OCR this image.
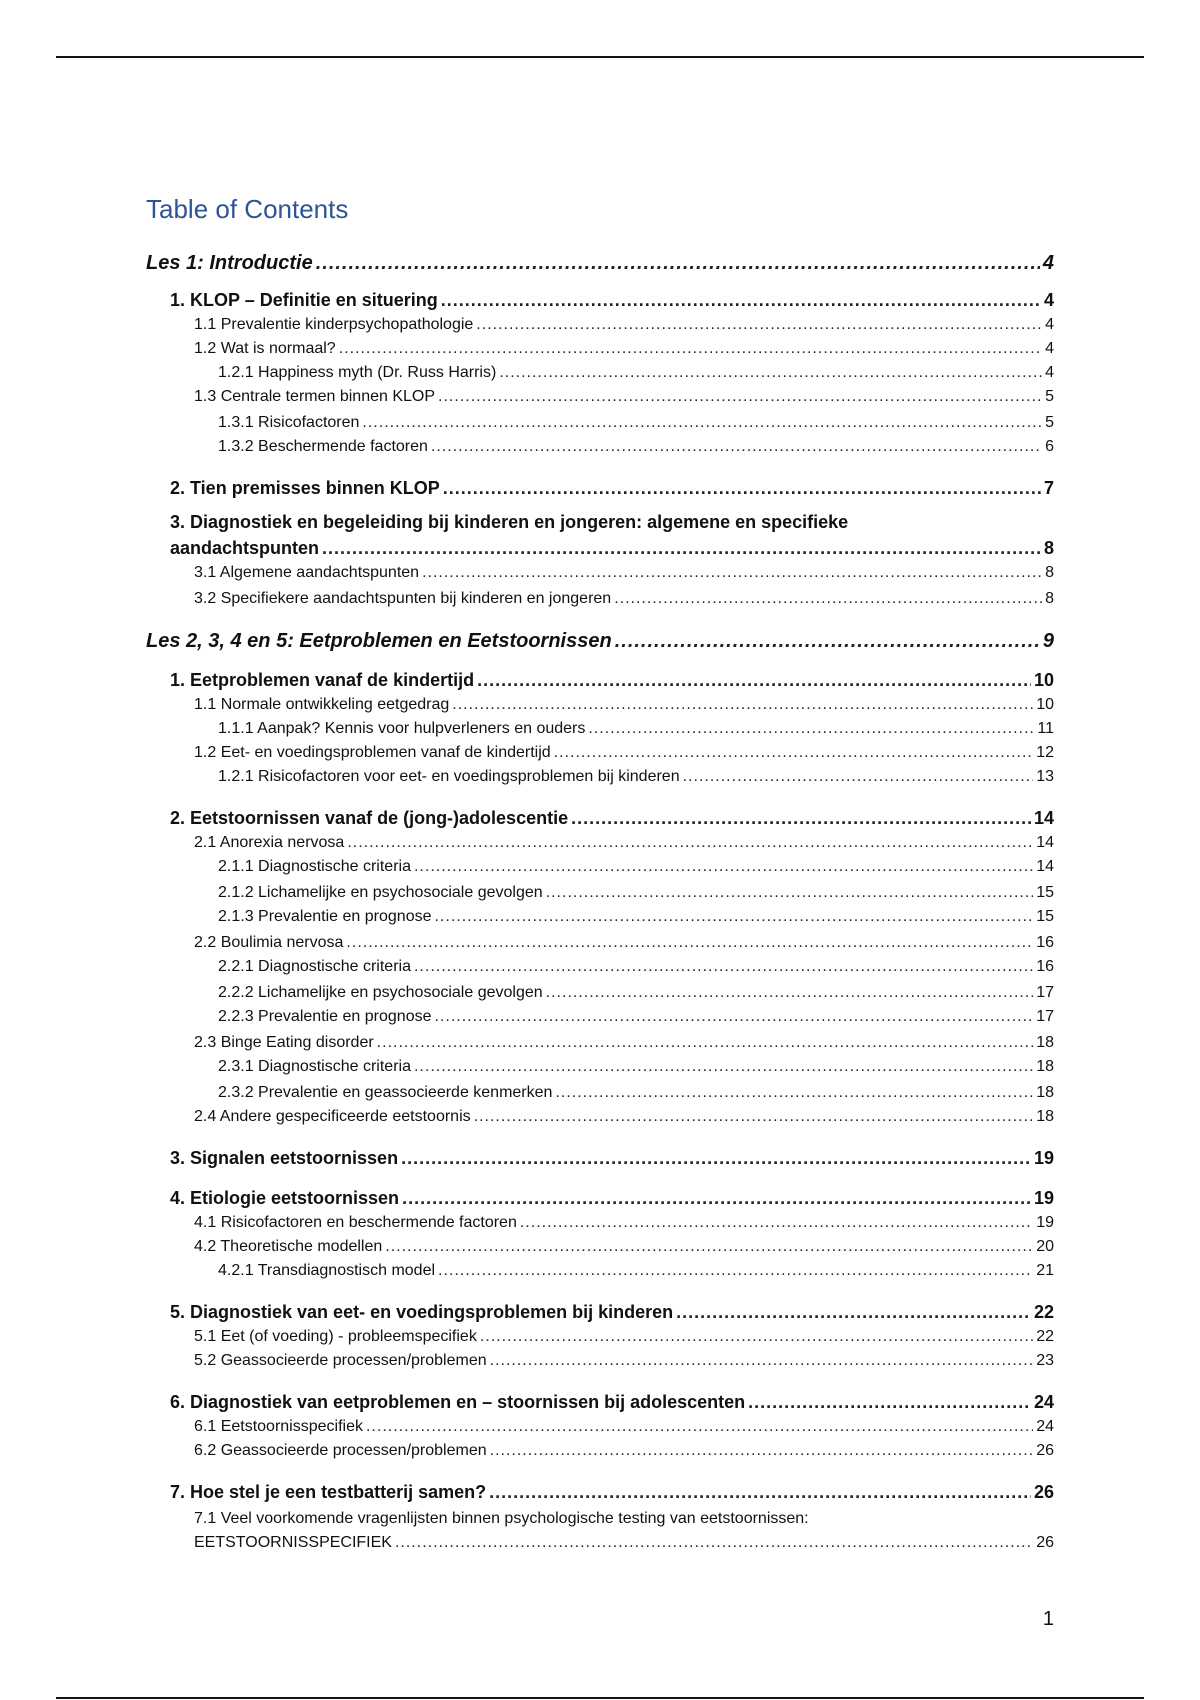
Table of Contents
Les 1: Introductie .....	4
1. KLOP – Definitie en situering .....	4
1.1 Prevalentie kinderpsychopathologie .....	4
1.2 Wat is normaal? .....	4
1.2.1 Happiness myth (Dr. Russ Harris) .....	4
1.3 Centrale termen binnen KLOP .....	5
1.3.1 Risicofactoren .....	5
1.3.2 Beschermende factoren .....	6
2. Tien premisses binnen KLOP .....	7
3. Diagnostiek en begeleiding bij kinderen en jongeren: algemene en specifieke
aandachtspunten .....	8
3.1 Algemene aandachtspunten .....	8
3.2 Specifiekere aandachtspunten bij kinderen en jongeren .....	8
Les 2, 3, 4 en 5: Eetproblemen en Eetstoornissen .....	9
1. Eetproblemen vanaf de kindertijd .....	10
1.1 Normale ontwikkeling eetgedrag .....	10
1.1.1 Aanpak? Kennis voor hulpverleners en ouders .....	11
1.2 Eet- en voedingsproblemen vanaf de kindertijd .....	12
1.2.1 Risicofactoren voor eet- en voedingsproblemen bij kinderen .....	13
2. Eetstoornissen vanaf de (jong-)adolescentie .....	14
2.1 Anorexia nervosa .....	14
2.1.1 Diagnostische criteria .....	14
2.1.2 Lichamelijke en psychosociale gevolgen .....	15
2.1.3 Prevalentie en prognose .....	15
2.2 Boulimia nervosa .....	16
2.2.1 Diagnostische criteria .....	16
2.2.2 Lichamelijke en psychosociale gevolgen .....	17
2.2.3 Prevalentie en prognose .....	17
2.3 Binge Eating disorder .....	18
2.3.1 Diagnostische criteria .....	18
2.3.2 Prevalentie en geassocieerde kenmerken .....	18
2.4 Andere gespecificeerde eetstoornis .....	18
3. Signalen eetstoornissen .....	19
4. Etiologie eetstoornissen .....	19
4.1 Risicofactoren en beschermende factoren .....	19
4.2 Theoretische modellen .....	20
4.2.1 Transdiagnostisch model .....	21
5. Diagnostiek van eet- en voedingsproblemen bij kinderen .....	22
5.1 Eet (of voeding) - probleemspecifiek .....	22
5.2 Geassocieerde processen/problemen .....	23
6. Diagnostiek van eetproblemen en – stoornissen bij adolescenten .....	24
6.1 Eetstoornisspecifiek .....	24
6.2 Geassocieerde processen/problemen .....	26
7. Hoe stel je een testbatterij samen? .....	26
7.1 Veel voorkomende vragenlijsten binnen psychologische testing van eetstoornissen:
EETSTOORNISSPECIFIEK .....	26
1
